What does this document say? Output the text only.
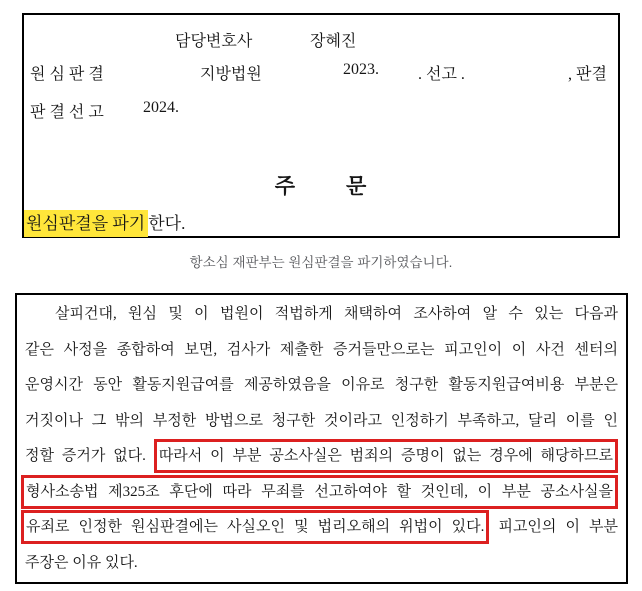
담당변호사	장혜진
원 심 판 결	지방법원	2023. . 선고 .	, 판결
판 결 선 고 2024.
주 문
원심판결을 파기 한다.
항소심 재판부는 원심판결을 파기하였습니다.
살피건대, 원심 및 이 법원이 적법하게 채택하여 조사하여 알 수 있는 다음과
같은 사정을 종합하여 보면, 검사가 제출한 증거들만으로는 피고인이 이 사건 센터의
운영시간 동안 활동지원급여를 제공하였음을 이유로 청구한 활동지원급여비용 부분은
거짓이나 그 밖의 부정한 방법으로 청구한 것이라고 인정하기 부족하고, 달리 이를 인
정할 증거가 없다. 따라서 이 부분 공소사실은 범죄의 증명이 없는 경우에 해당하므로
형사소송법 제325조 후단에 따라 무죄를 선고하여야 할 것인데, 이 부분 공소사실을
유죄로 인정한 원심판결에는 사실오인 및 법리오해의 위법이 있다. 피고인의 이 부분
주장은 이유 있다.
